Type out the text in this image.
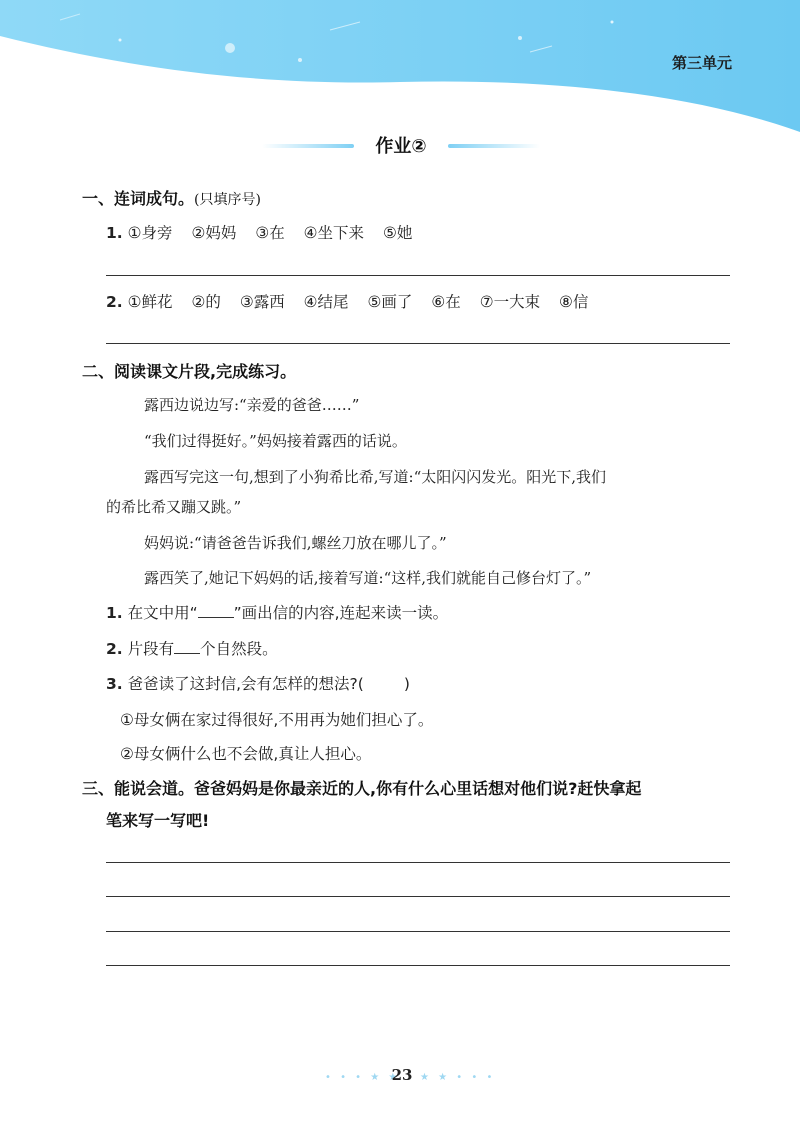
第三单元
作业②
一、连词成句。(只填序号)
1. ①身旁 ②妈妈 ③在 ④坐下来 ⑤她
2. ①鲜花 ②的 ③露西 ④结尾 ⑤画了 ⑥在 ⑦一大束 ⑧信
二、阅读课文片段,完成练习。
露西边说边写:“亲爱的爸爸……”
“我们过得挺好。”妈妈接着露西的话说。
露西写完这一句,想到了小狗希比希,写道:“太阳闪闪发光。阳光下,我们
的希比希又蹦又跳。”
妈妈说:“请爸爸告诉我们,螺丝刀放在哪儿了。”
露西笑了,她记下妈妈的话,接着写道:“这样,我们就能自己修台灯了。”
1. 在文中用“ ”画出信的内容,连起来读一读。
2. 片段有 个自然段。
3. 爸爸读了这封信,会有怎样的想法?(	)
①母女俩在家过得很好,不用再为她们担心了。
②母女俩什么也不会做,真让人担心。
三、能说会道。爸爸妈妈是你最亲近的人,你有什么心里话想对他们说?赶快拿起
笔来写一写吧!
• • • ★ ★
23 ★ ★ • • •
